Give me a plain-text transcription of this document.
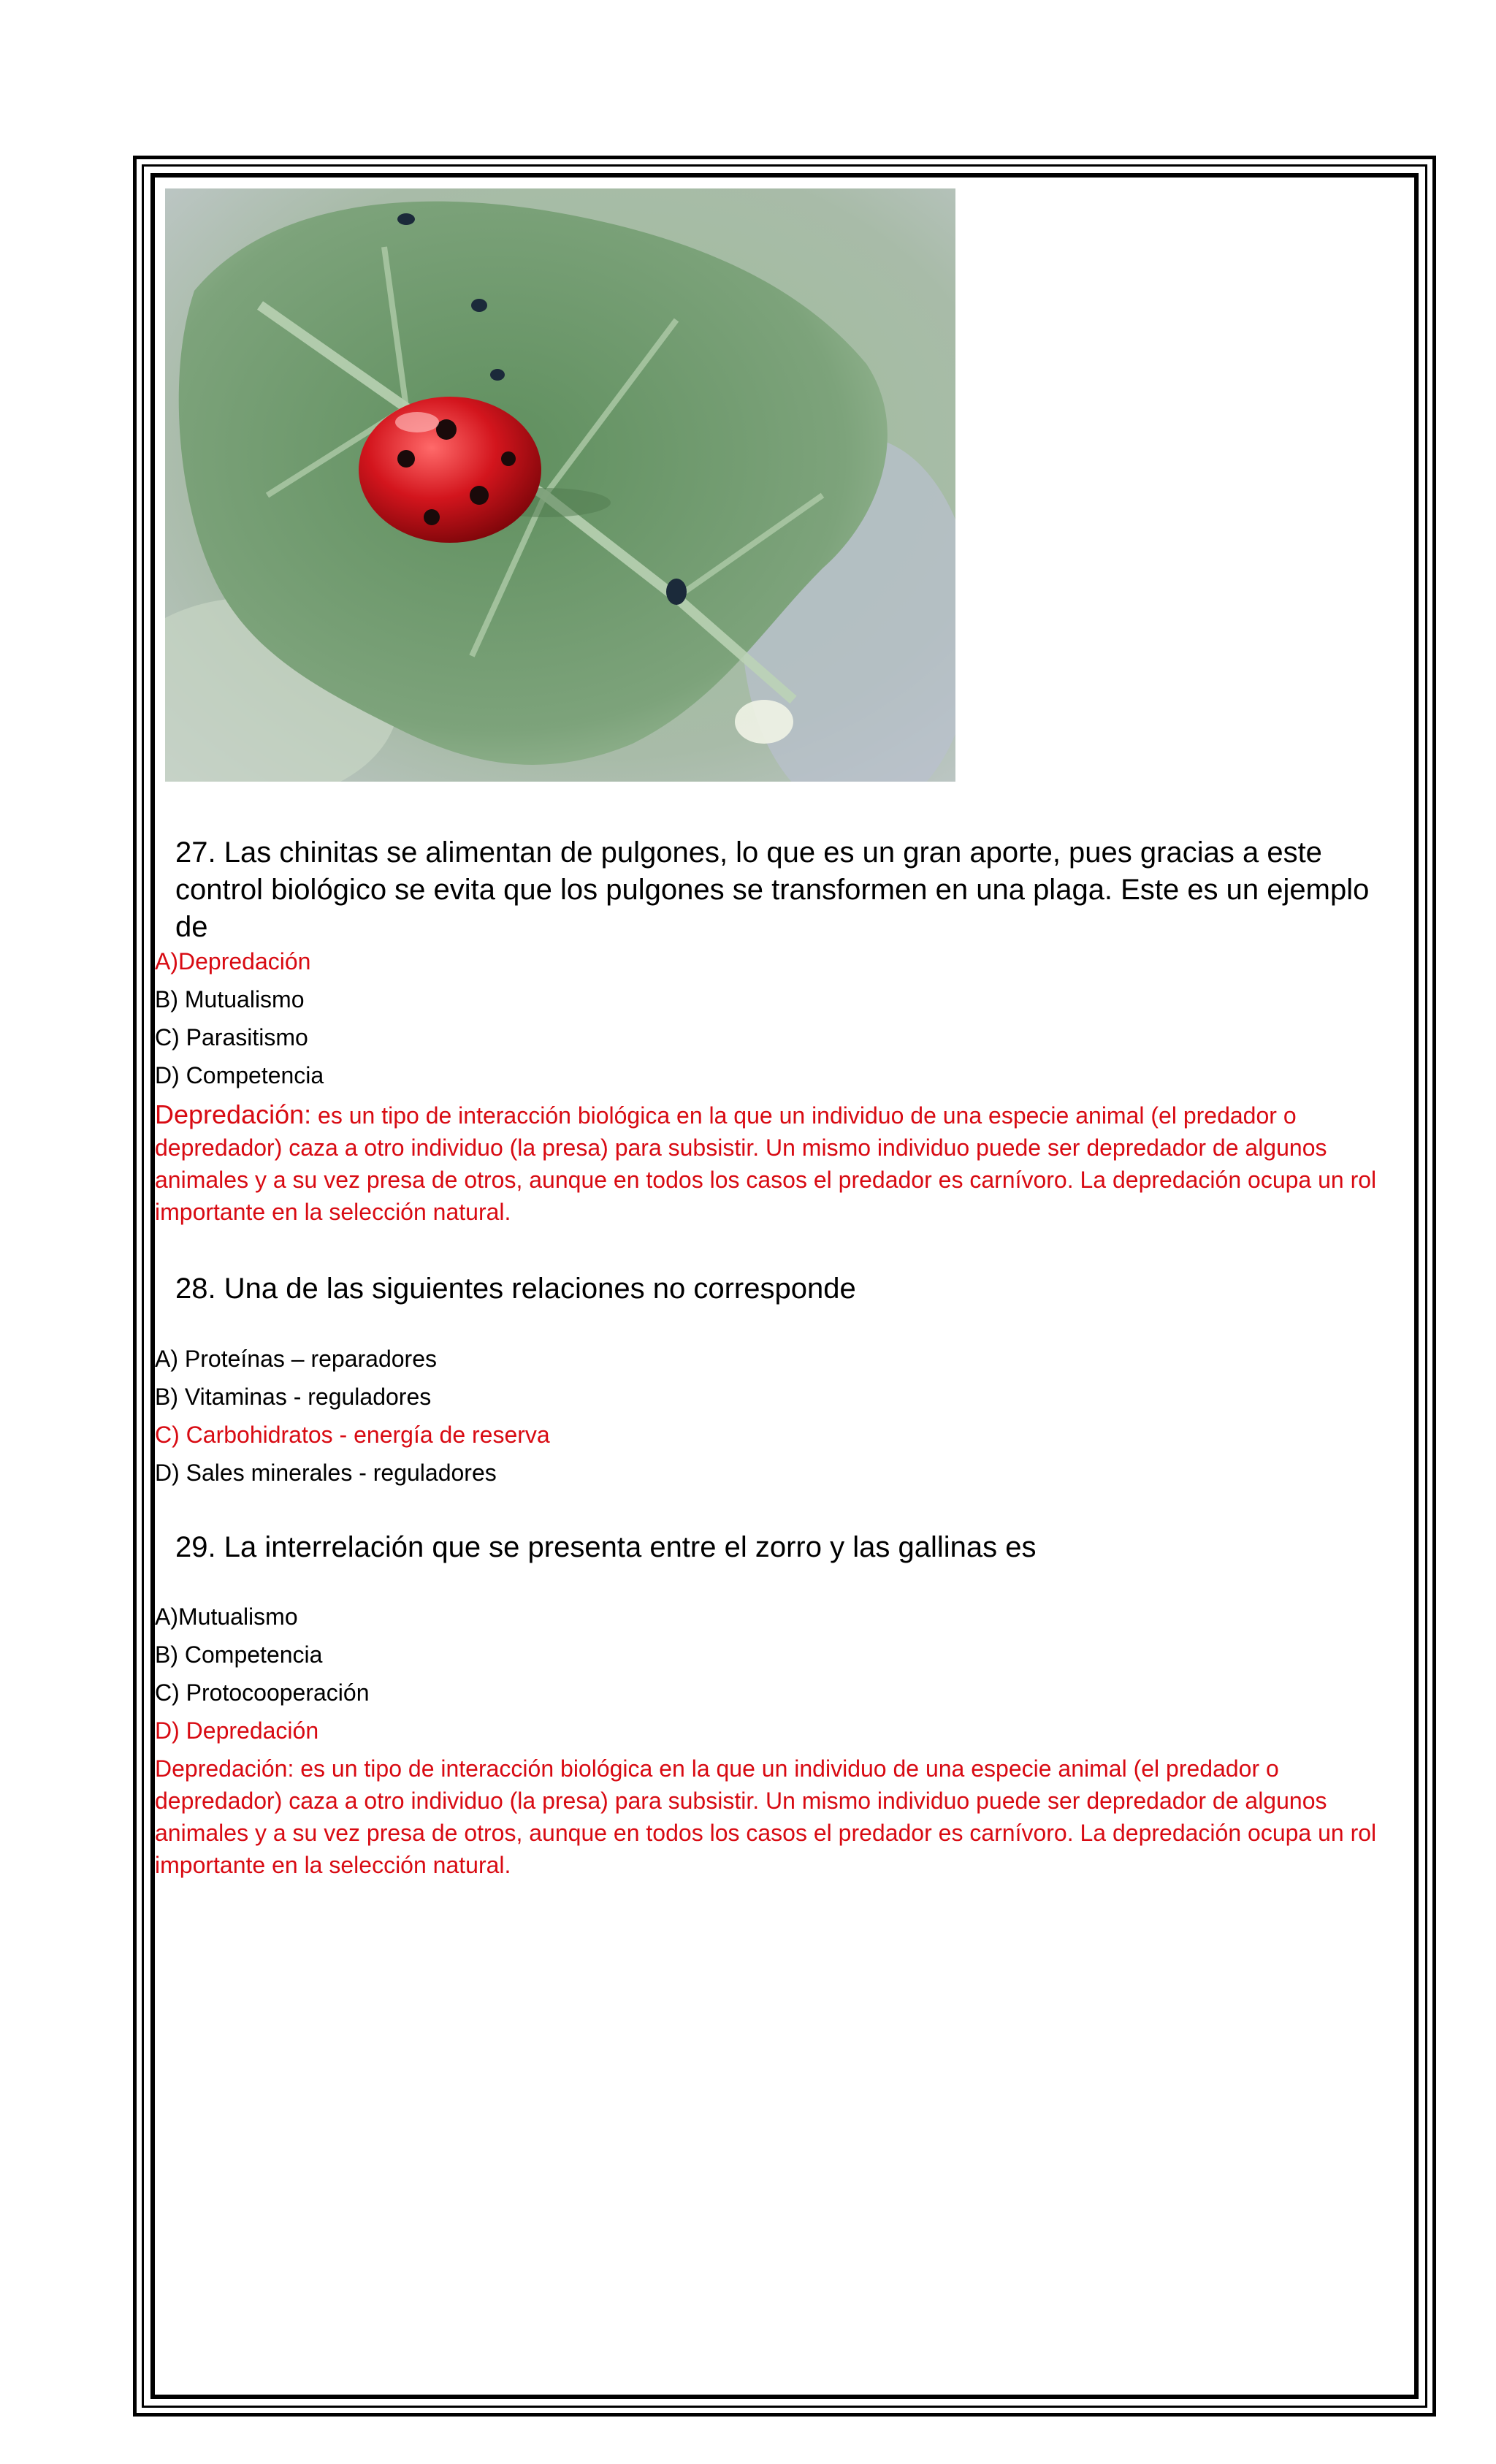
27. Las chinitas se alimentan de pulgones, lo que es un gran aporte, pues gracias a este control biológico se evita que los pulgones se transformen en una plaga. Este es un ejemplo de

A)Depredación
B) Mutualismo
C) Parasitismo
D) Competencia

Depredación: es un tipo de interacción biológica en la que un individuo de una especie animal (el predador o depredador) caza a otro individuo (la presa) para subsistir. Un mismo individuo puede ser depredador de algunos animales y a su vez presa de otros, aunque en todos los casos el predador es carnívoro. La depredación ocupa un rol importante en la selección natural.

28. Una de las siguientes relaciones no corresponde

A) Proteínas – reparadores
B) Vitaminas - reguladores
C) Carbohidratos - energía de reserva
D) Sales minerales - reguladores

29. La interrelación que se presenta entre el zorro y las gallinas es

A)Mutualismo
B) Competencia
C) Protocooperación
D) Depredación

Depredación: es un tipo de interacción biológica en la que un individuo de una especie animal (el predador o depredador) caza a otro individuo (la presa) para subsistir. Un mismo individuo puede ser depredador de algunos animales y a su vez presa de otros, aunque en todos los casos el predador es carnívoro. La depredación ocupa un rol importante en la selección natural.
